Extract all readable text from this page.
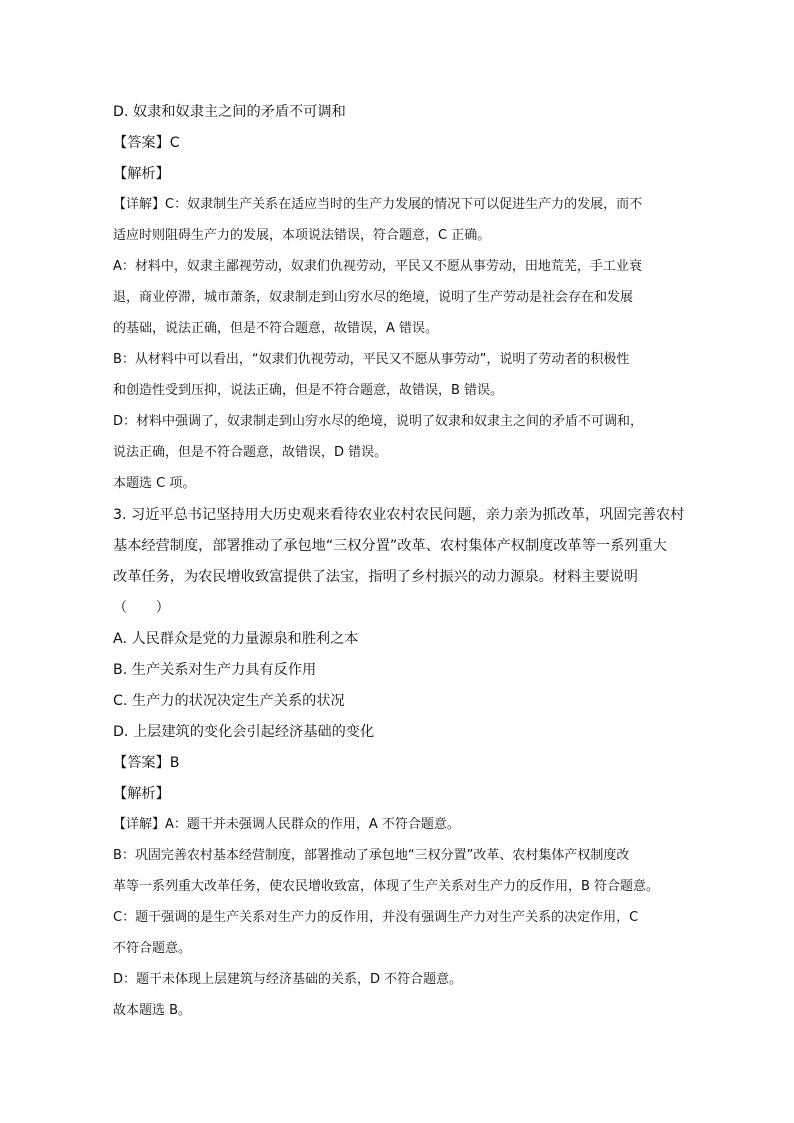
D. 奴隶和奴隶主之间的矛盾不可调和
【答案】C
【解析】
【详解】C：奴隶制生产关系在适应当时的生产力发展的情况下可以促进生产力的发展，而不
适应时则阻碍生产力的发展，本项说法错误，符合题意，C 正确。
A：材料中，奴隶主鄙视劳动，奴隶们仇视劳动，平民又不愿从事劳动，田地荒芜，手工业衰
退，商业停滞，城市萧条，奴隶制走到山穷水尽的绝境，说明了生产劳动是社会存在和发展
的基础，说法正确，但是不符合题意，故错误，A 错误。
B：从材料中可以看出，“奴隶们仇视劳动，平民又不愿从事劳动”，说明了劳动者的积极性
和创造性受到压抑，说法正确，但是不符合题意，故错误，B 错误。
D：材料中强调了，奴隶制走到山穷水尽的绝境，说明了奴隶和奴隶主之间的矛盾不可调和，
说法正确，但是不符合题意，故错误，D 错误。
本题选 C 项。
3. 习近平总书记坚持用大历史观来看待农业农村农民问题，亲力亲为抓改革，巩固完善农村
基本经营制度，部署推动了承包地“三权分置”改革、农村集体产权制度改革等一系列重大
改革任务，为农民增收致富提供了法宝，指明了乡村振兴的动力源泉。材料主要说明
（　　）
A. 人民群众是党的力量源泉和胜利之本
B. 生产关系对生产力具有反作用
C. 生产力的状况决定生产关系的状况
D. 上层建筑的变化会引起经济基础的变化
【答案】B
【解析】
【详解】A：题干并未强调人民群众的作用，A 不符合题意。
B：巩固完善农村基本经营制度，部署推动了承包地“三权分置”改革、农村集体产权制度改
革等一系列重大改革任务，使农民增收致富，体现了生产关系对生产力的反作用，B 符合题意。
C：题干强调的是生产关系对生产力的反作用，并没有强调生产力对生产关系的决定作用，C
不符合题意。
D：题干未体现上层建筑与经济基础的关系，D 不符合题意。
故本题选 B。
